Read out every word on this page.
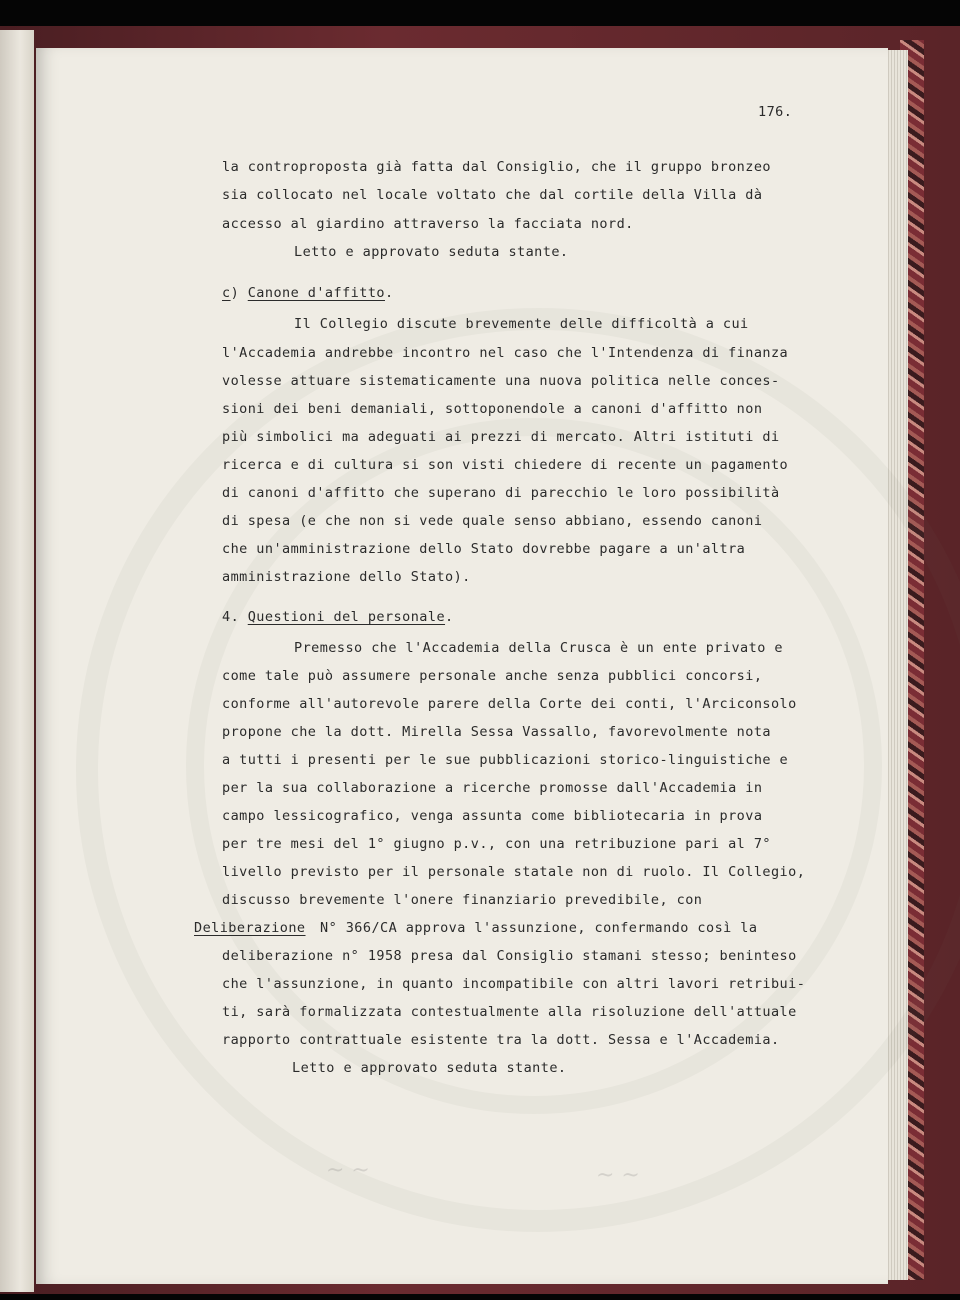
~ ~	~ ~
176.
la controproposta già fatta dal Consiglio, che il gruppo bronzeo
sia collocato nel locale voltato che dal cortile della Villa dà
accesso al giardino attraverso la facciata nord.
Letto e approvato seduta stante.
c) Canone d'affitto.
Il Collegio discute brevemente delle difficoltà a cui
l'Accademia andrebbe incontro nel caso che l'Intendenza di finanza
volesse attuare sistematicamente una nuova politica nelle conces-
sioni dei beni demaniali, sottoponendole a canoni d'affitto non
più simbolici ma adeguati ai prezzi di mercato. Altri istituti di
ricerca e di cultura si son visti chiedere di recente un pagamento
di canoni d'affitto che superano di parecchio le loro possibilità
di spesa (e che non si vede quale senso abbiano, essendo canoni
che un'amministrazione dello Stato dovrebbe pagare a un'altra
amministrazione dello Stato).
4. Questioni del personale.
Premesso che l'Accademia della Crusca è un ente privato e
come tale può assumere personale anche senza pubblici concorsi,
conforme all'autorevole parere della Corte dei conti, l'Arciconsolo
propone che la dott. Mirella Sessa Vassallo, favorevolmente nota
a tutti i presenti per le sue pubblicazioni storico-linguistiche e
per la sua collaborazione a ricerche promosse dall'Accademia in
campo lessicografico, venga assunta come bibliotecaria in prova
per tre mesi del 1° giugno p.v., con una retribuzione pari al 7°
livello previsto per il personale statale non di ruolo. Il Collegio,
discusso brevemente l'onere finanziario prevedibile, con
Deliberazione N° 366/CA approva l'assunzione, confermando così la
deliberazione n° 1958 presa dal Consiglio stamani stesso; beninteso
che l'assunzione, in quanto incompatibile con altri lavori retribui-
ti, sarà formalizzata contestualmente alla risoluzione dell'attuale
rapporto contrattuale esistente tra la dott. Sessa e l'Accademia.
Letto e approvato seduta stante.
